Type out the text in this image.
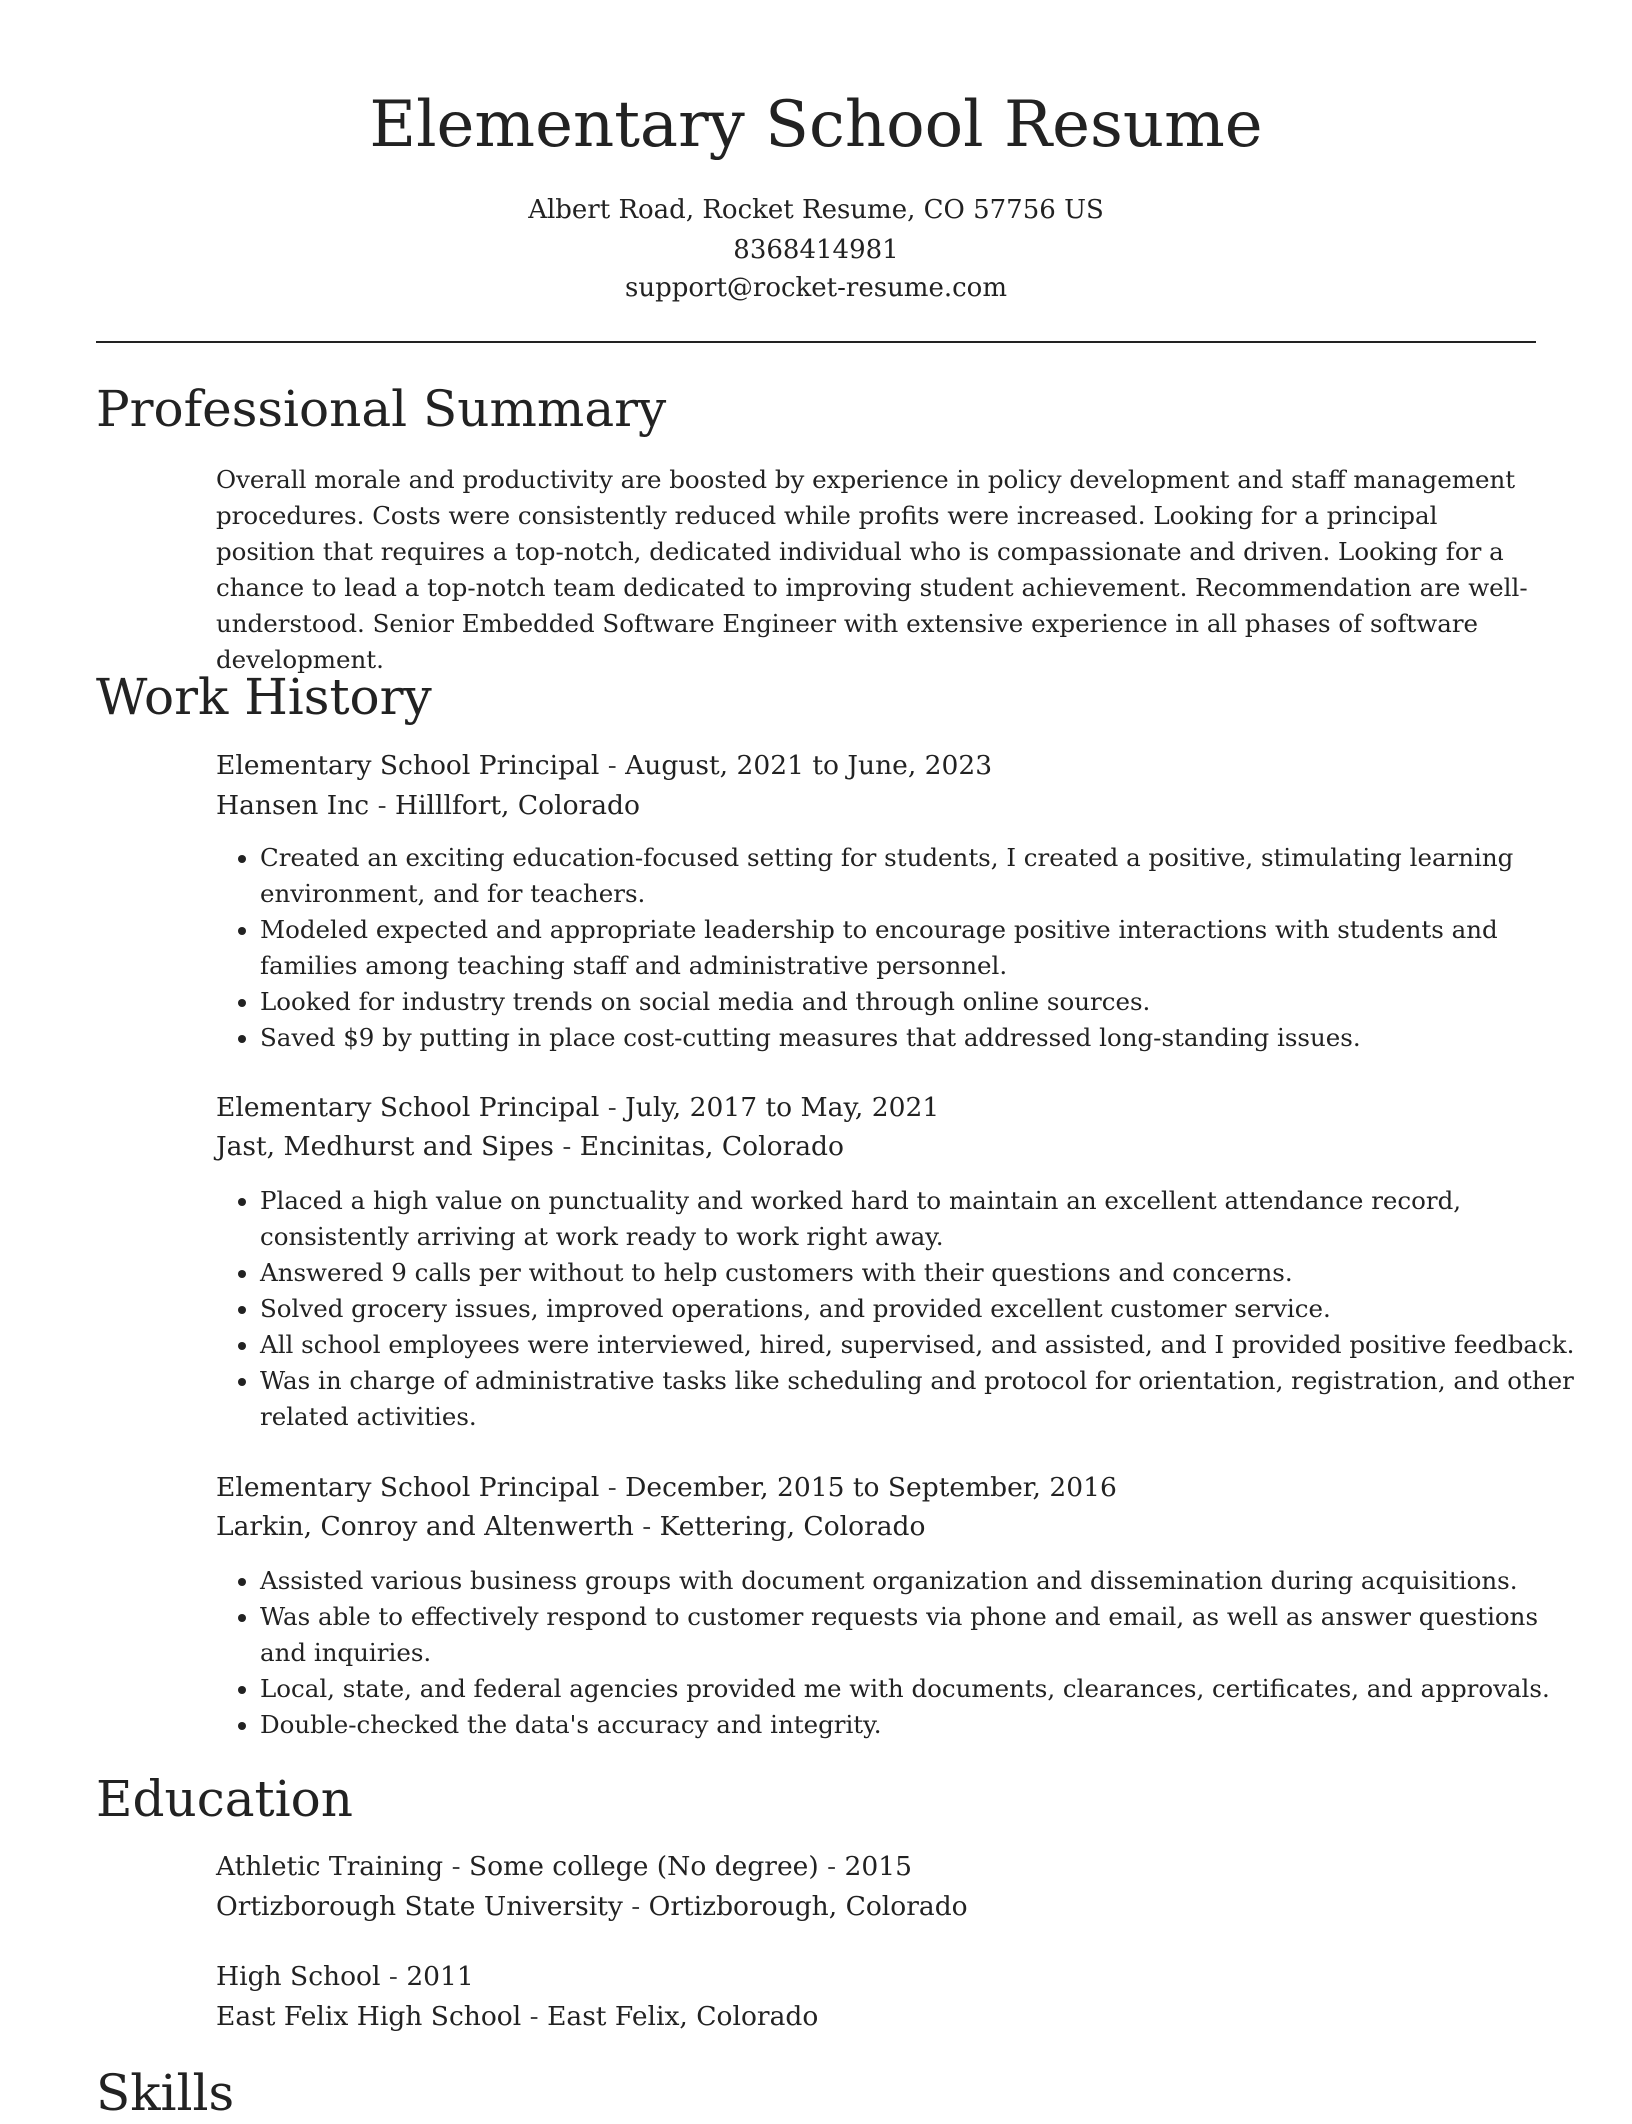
Elementary School Resume
Albert Road, Rocket Resume, CO 57756 US
8368414981
support@rocket-resume.com
Professional Summary

Overall morale and productivity are boosted by experience in policy development and staff management procedures. Costs were consistently reduced while profits were increased. Looking for a principal position that requires a top-notch, dedicated individual who is compassionate and driven. Looking for a chance to lead a top-notch team dedicated to improving student achievement. Recommendation are well-understood. Senior Embedded Software Engineer with extensive experience in all phases of software development.

Work History
Elementary School Principal - August, 2021 to June, 2023
Hansen Inc - Hilllfort, Colorado
• Created an exciting education-focused setting for students, I created a positive, stimulating learning environment, and for teachers.
• Modeled expected and appropriate leadership to encourage positive interactions with students and families among teaching staff and administrative personnel.
• Looked for industry trends on social media and through online sources.
• Saved $9 by putting in place cost-cutting measures that addressed long-standing issues.
Elementary School Principal - July, 2017 to May, 2021
Jast, Medhurst and Sipes - Encinitas, Colorado
• Placed a high value on punctuality and worked hard to maintain an excellent attendance record, consistently arriving at work ready to work right away.
• Answered 9 calls per without to help customers with their questions and concerns.
• Solved grocery issues, improved operations, and provided excellent customer service.
• All school employees were interviewed, hired, supervised, and assisted, and I provided positive feedback.
• Was in charge of administrative tasks like scheduling and protocol for orientation, registration, and other related activities.
Elementary School Principal - December, 2015 to September, 2016
Larkin, Conroy and Altenwerth - Kettering, Colorado
• Assisted various business groups with document organization and dissemination during acquisitions.
• Was able to effectively respond to customer requests via phone and email, as well as answer questions and inquiries.
• Local, state, and federal agencies provided me with documents, clearances, certificates, and approvals.
• Double-checked the data's accuracy and integrity.
Education
Athletic Training - Some college (No degree) - 2015
Ortizborough State University - Ortizborough, Colorado
High School - 2011
East Felix High School - East Felix, Colorado
Skills
